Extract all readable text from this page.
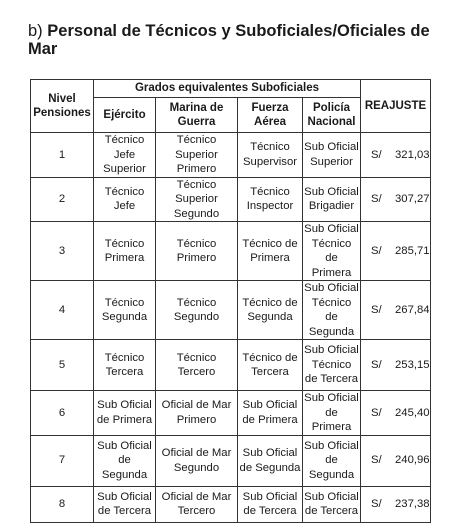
b) Personal de Técnicos y Suboficiales/Oficiales de Mar
Nivel Pensiones	Grados equivalentes Suboficiales				REAJUSTE
	Ejército	Marina de Guerra	Fuerza Aérea	Policía Nacional	
1	Técnico Jefe Superior	Técnico Superior Primero	Técnico Supervisor	Sub Oficial Superior	S/ 321,03
2	Técnico Jefe	Técnico Superior Segundo	Técnico Inspector	Sub Oficial Brigadier	S/ 307,27
3	Técnico Primera	Técnico Primero	Técnico de Primera	Sub Oficial Técnico de Primera	S/ 285,71
4	Técnico Segunda	Técnico Segundo	Técnico de Segunda	Sub Oficial Técnico de Segunda	S/ 267,84
5	Técnico Tercera	Técnico Tercero	Técnico de Tercera	Sub Oficial Técnico de Tercera	S/ 253,15
6	Sub Oficial de Primera	Oficial de Mar Primero	Sub Oficial de Primera	Sub Oficial de Primera	S/ 245,40
7	Sub Oficial de Segunda	Oficial de Mar Segundo	Sub Oficial de Segunda	Sub Oficial de Segunda	S/ 240,96
8	Sub Oficial de Tercera	Oficial de Mar Tercero	Sub Oficial de Tercera	Sub Oficial de Tercera	S/ 237,38
